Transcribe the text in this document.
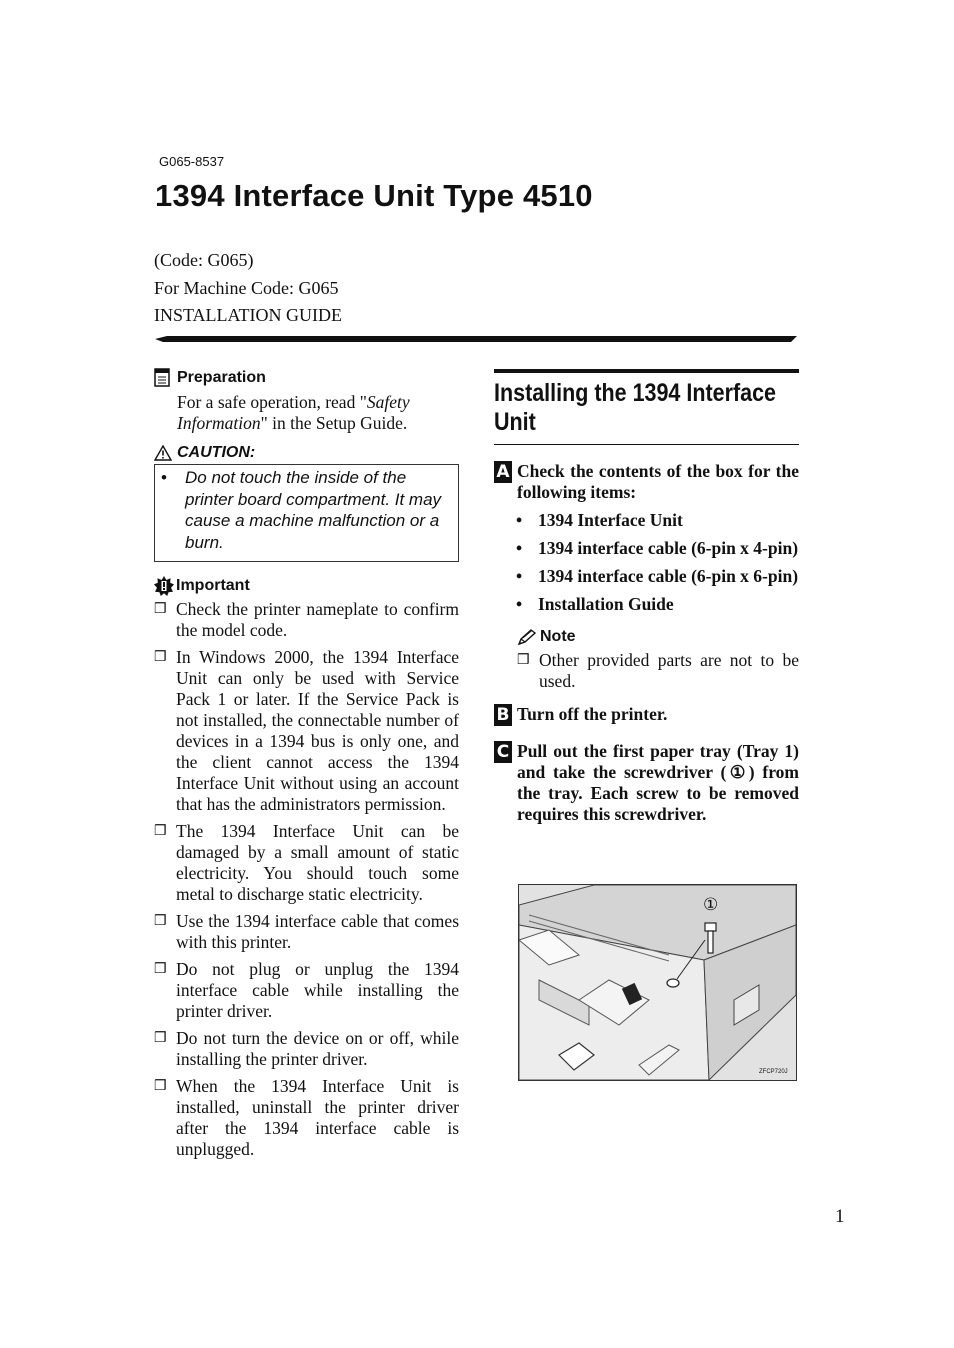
G065-8537
1394 Interface Unit Type 4510
(Code: G065)
For Machine Code: G065
INSTALLATION GUIDE
Preparation
For a safe operation, read "Safety Information" in the Setup Guide.
CAUTION:
•	Do not touch the inside of the printer board compartment. It may cause a machine malfunction or a burn.
Important
❒ Check the printer nameplate to confirm the model code.
❒ In Windows 2000, the 1394 Interface Unit can only be used with Service Pack 1 or later. If the Service Pack is not installed, the connectable number of devices in a 1394 bus is only one, and the client cannot access the 1394 Interface Unit without using an account that has the administrators permission.
❒ The 1394 Interface Unit can be damaged by a small amount of static electricity. You should touch some metal to discharge static electricity.
❒ Use the 1394 interface cable that comes with this printer.
❒ Do not plug or unplug the 1394 interface cable while installing the printer driver.
❒ Do not turn the device on or off, while installing the printer driver.
❒ When the 1394 Interface Unit is installed, uninstall the printer driver after the 1394 interface cable is unplugged.
Installing the 1394 Interface Unit
A Check the contents of the box for the following items:
• 1394 Interface Unit
• 1394 interface cable (6-pin x 4-pin)
• 1394 interface cable (6-pin x 6-pin)
• Installation Guide
Note
❒ Other provided parts are not to be used.
B Turn off the printer.
C Pull out the first paper tray (Tray 1) and take the screwdriver (①) from the tray. Each screw to be removed requires this screwdriver.
①
ZFCP720J
1
